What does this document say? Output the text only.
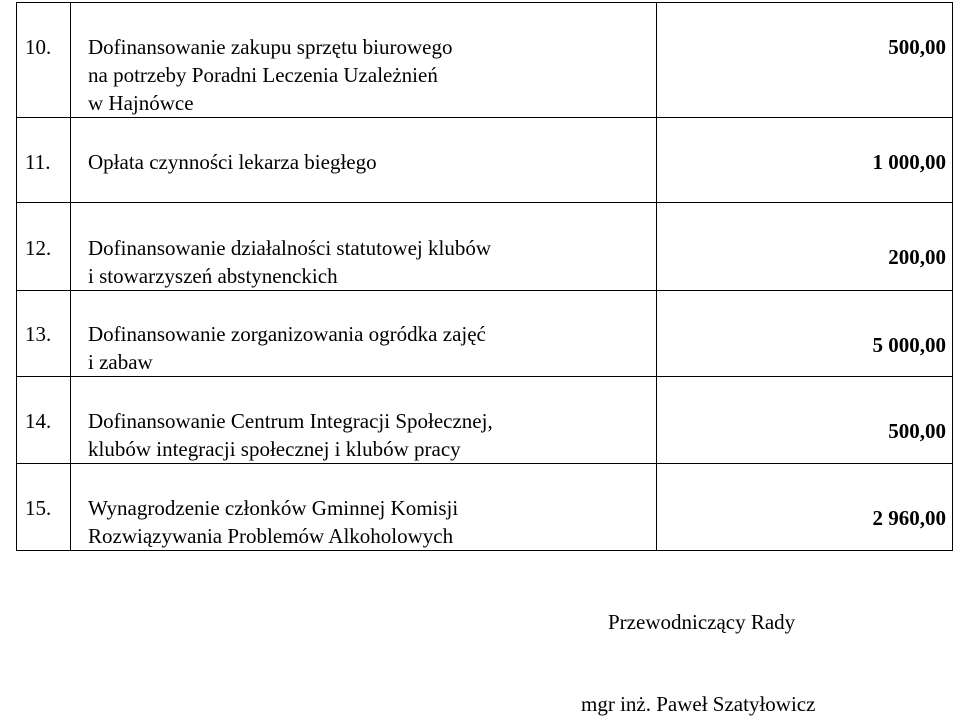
10.	Dofinansowanie zakupu sprzętu biurowego
na potrzeby Poradni Leczenia Uzależnień
w Hajnówce	500,00

11.	Opłata czynności lekarza biegłego	1 000,00

12.	Dofinansowanie działalności statutowej klubów
i stowarzyszeń abstynenckich	200,00

13.	Dofinansowanie zorganizowania ogródka zajęć
i zabaw	5 000,00

14.	Dofinansowanie Centrum Integracji Społecznej,
klubów integracji społecznej i klubów pracy	500,00

15.	Wynagrodzenie członków Gminnej Komisji
Rozwiązywania Problemów Alkoholowych	2 960,00
Przewodniczący Rady
mgr inż. Paweł Szatyłowicz
